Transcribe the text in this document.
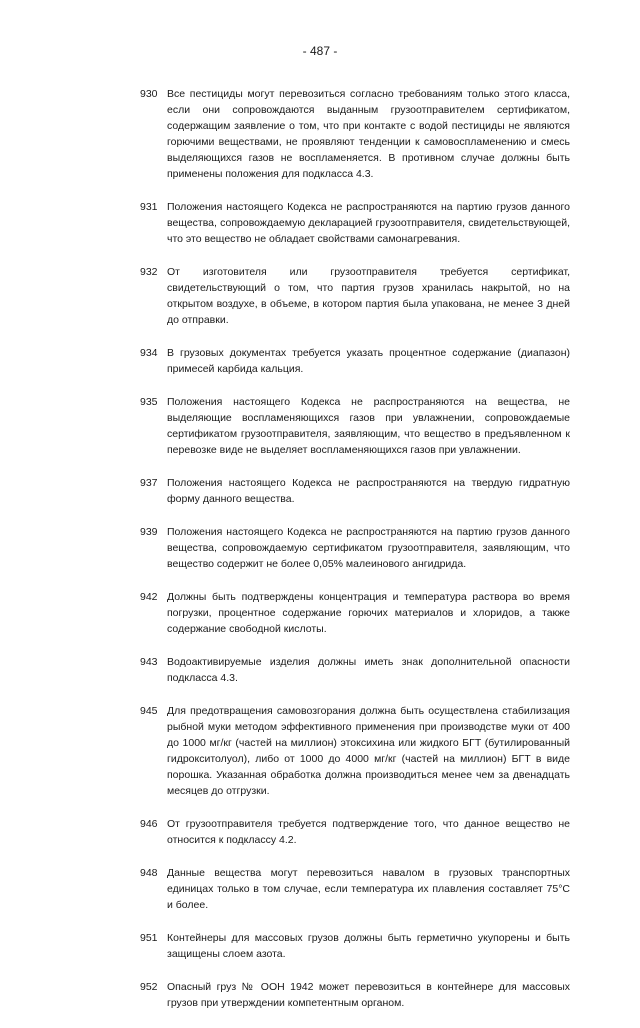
- 487 -
930 Все пестициды могут перевозиться согласно требованиям только этого класса, если они сопровождаются выданным грузоотправителем сертификатом, содержащим заявление о том, что при контакте с водой пестициды не являются горючими веществами, не проявляют тенденции к самовоспламенению и смесь выделяющихся газов не воспламеняется. В противном случае должны быть применены положения для подкласса 4.3.
931 Положения настоящего Кодекса не распространяются на партию грузов данного вещества, сопровождаемую декларацией грузоотправителя, свидетельствующей, что это вещество не обладает свойствами самонагревания.
932 От изготовителя или грузоотправителя требуется сертификат, свидетельствующий о том, что партия грузов хранилась накрытой, но на открытом воздухе, в объеме, в котором партия была упакована, не менее 3 дней до отправки.
934 В грузовых документах требуется указать процентное содержание (диапазон) примесей карбида кальция.
935 Положения настоящего Кодекса не распространяются на вещества, не выделяющие воспламеняющихся газов при увлажнении, сопровождаемые сертификатом грузоотправителя, заявляющим, что вещество в предъявленном к перевозке виде не выделяет воспламеняющихся газов при увлажнении.
937 Положения настоящего Кодекса не распространяются на твердую гидратную форму данного вещества.
939 Положения настоящего Кодекса не распространяются на партию грузов данного вещества, сопровождаемую сертификатом грузоотправителя, заявляющим, что вещество содержит не более 0,05% малеинового ангидрида.
942 Должны быть подтверждены концентрация и температура раствора во время погрузки, процентное содержание горючих материалов и хлоридов, а также содержание свободной кислоты.
943 Водоактивируемые изделия должны иметь знак дополнительной опасности подкласса 4.3.
945 Для предотвращения самовозгорания должна быть осуществлена стабилизация рыбной муки методом эффективного применения при производстве муки от 400 до 1000 мг/кг (частей на миллион) этоксихина или жидкого БГТ (бутилированный гидрокситолуол), либо от 1000 до 4000 мг/кг (частей на миллион) БГТ в виде порошка. Указанная обработка должна производиться менее чем за двенадцать месяцев до отгрузки.
946 От грузоотправителя требуется подтверждение того, что данное вещество не относится к подклассу 4.2.
948 Данные вещества могут перевозиться навалом в грузовых транспортных единицах только в том случае, если температура их плавления составляет 75°С и более.
951 Контейнеры для массовых грузов должны быть герметично укупорены и быть защищены слоем азота.
952 Опасный груз № ООН 1942 может перевозиться в контейнере для массовых грузов при утверждении компетентным органом.
